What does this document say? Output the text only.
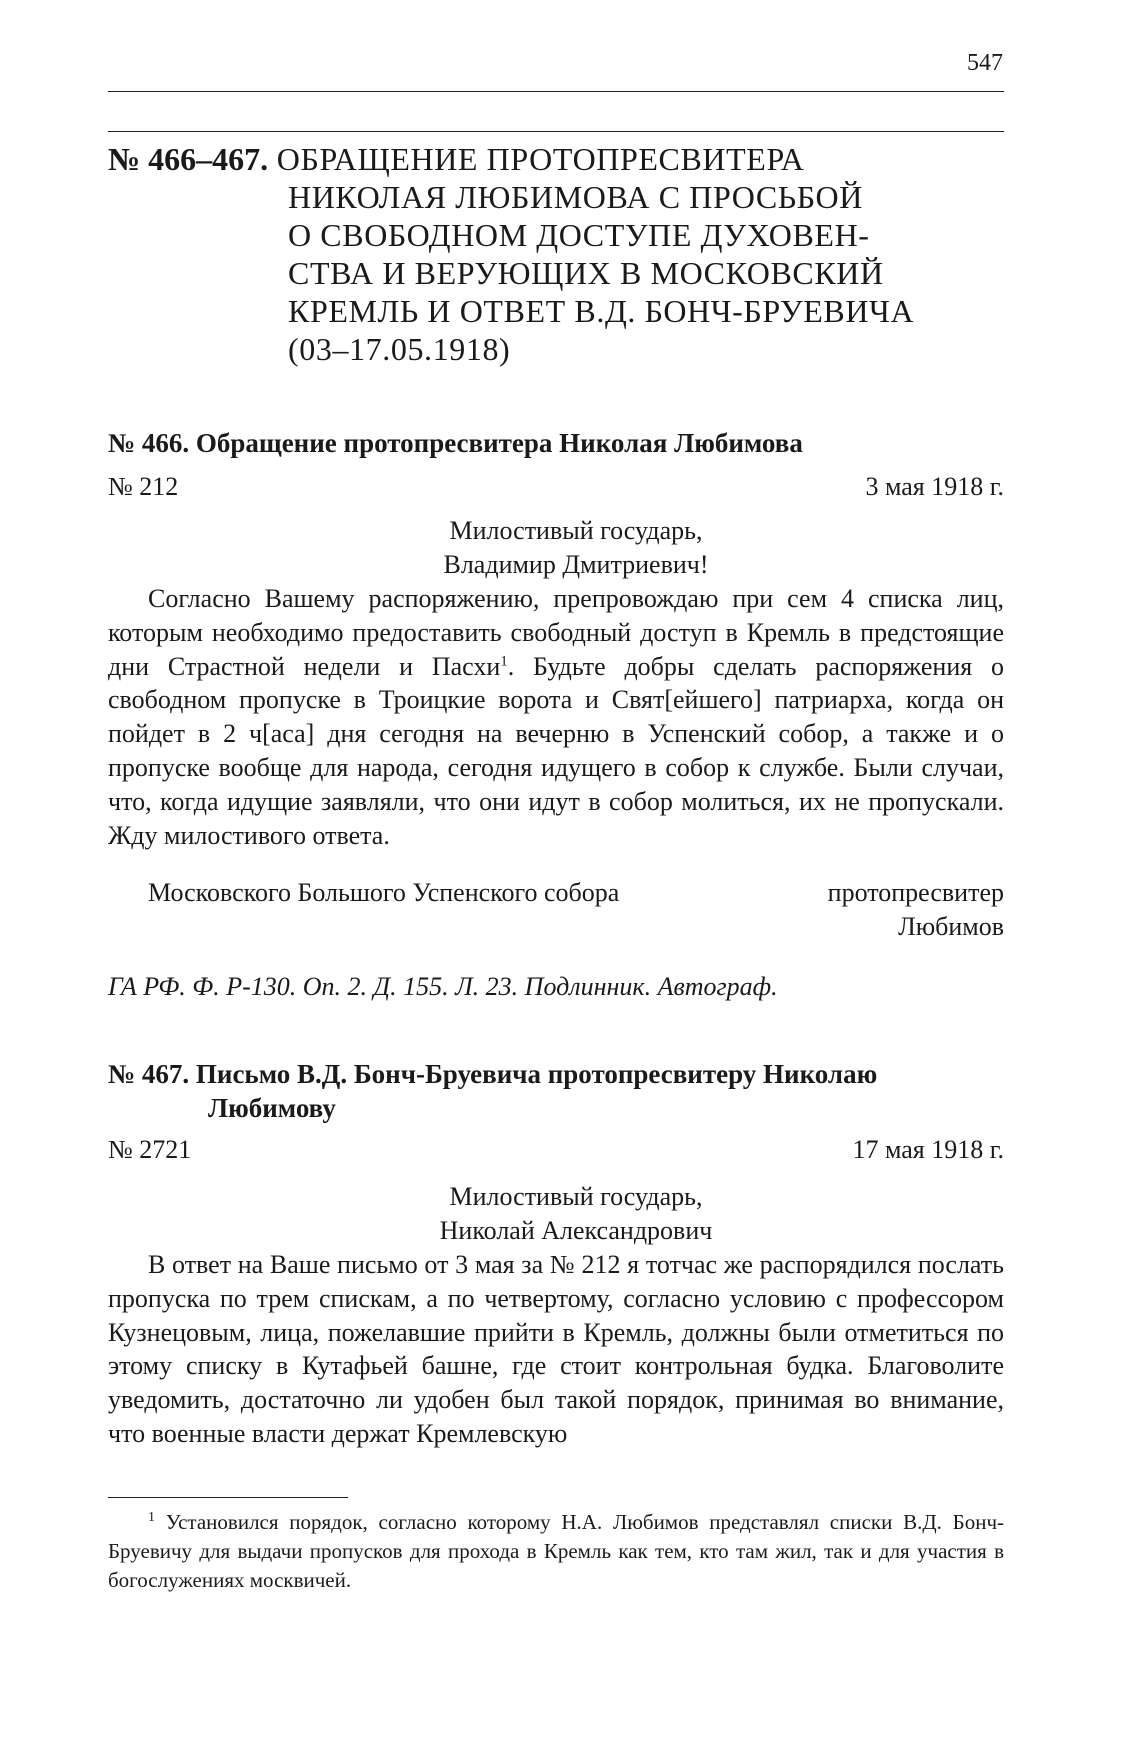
547
№ 466–467. ОБРАЩЕНИЕ ПРОТОПРЕСВИТЕРА
НИКОЛАЯ ЛЮБИМОВА С ПРОСЬБОЙ
О СВОБОДНОМ ДОСТУПЕ ДУХОВЕН-
СТВА И ВЕРУЮЩИХ В МОСКОВСКИЙ
КРЕМЛЬ И ОТВЕТ В.Д. БОНЧ-БРУЕВИЧА
(03–17.05.1918)
№ 466. Обращение протопресвитера Николая Любимова
№ 212	3 мая 1918 г.
Милостивый государь,
Владимир Дмитриевич!
Согласно Вашему распоряжению, препровождаю при сем 4 списка лиц, которым необходимо предоставить свободный доступ в Кремль в предстоящие дни Страстной недели и Пасхи$^1$. Будьте добры сделать распоряжения о свободном пропуске в Троицкие ворота и Свят[ейшего] патриарха, когда он пойдет в 2 ч[аса] дня сегодня на вечерню в Успенский собор, а также и о пропуске вообще для народа, сегодня идущего в собор к службе. Были случаи, что, когда идущие заявляли, что они идут в собор молиться, их не пропускали. Жду милостивого ответа.
Московского Большого Успенского собора	протопресвитер
Любимов
ГА РФ. Ф. Р-130. Оп. 2. Д. 155. Л. 23. Подлинник. Автограф.
№ 467. Письмо В.Д. Бонч-Бруевича протопресвитеру Николаю
Любимову
№ 2721	17 мая 1918 г.
Милостивый государь,
Николай Александрович
В ответ на Ваше письмо от 3 мая за № 212 я тотчас же распорядился послать пропуска по трем спискам, а по четвертому, согласно условию с профессором Кузнецовым, лица, пожелавшие прийти в Кремль, должны были отметиться по этому списку в Кутафьей башне, где стоит контрольная будка. Благоволите уведомить, достаточно ли удобен был такой порядок, принимая во внимание, что военные власти держат Кремлевскую
$^1$ Установился порядок, согласно которому Н.А. Любимов представлял списки В.Д. Бонч-Бруевичу для выдачи пропусков для прохода в Кремль как тем, кто там жил, так и для участия в богослужениях москвичей.
